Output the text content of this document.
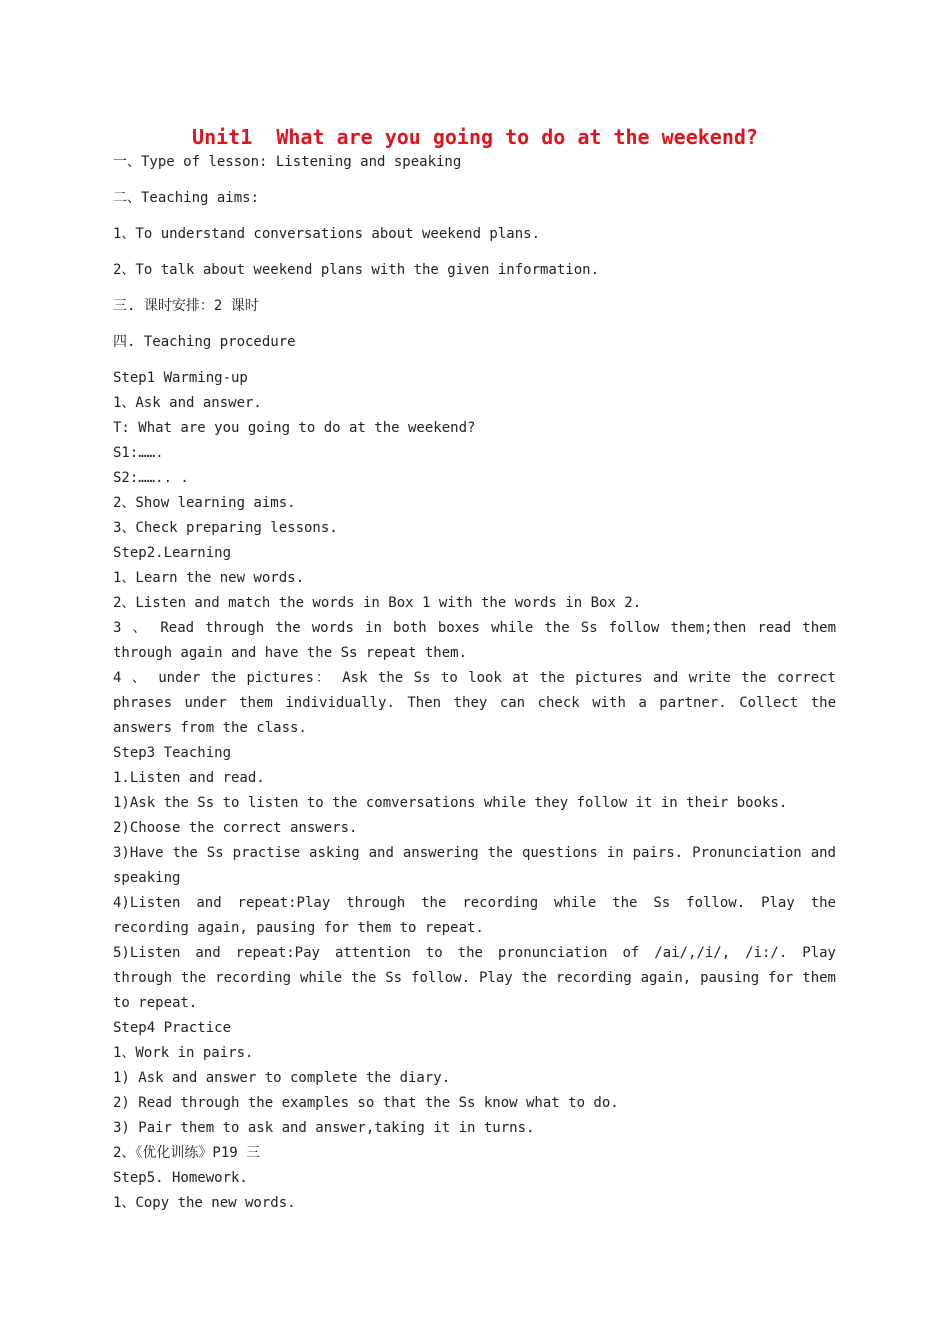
Unit1  What are you going to do at the weekend?

一、Type of lesson: Listening and speaking

二、Teaching aims:

1、To understand conversations about weekend plans.

2、To talk about weekend plans with the given information.

三. 课时安排：2 课时

四. Teaching procedure

Step1 Warming-up

1、Ask and answer.

T: What are you going to do at the weekend?

S1:…….

S2:…….. .

2、Show learning aims.

3、Check preparing lessons.

Step2.Learning

1、Learn the new words.

2、Listen and match the words in Box 1 with the words in Box 2.

3 、 Read through the words in both boxes while the Ss follow them;then read them through again and have the Ss repeat them.

4 、 under the pictures： Ask the Ss to look at the pictures and write the correct phrases under them individually. Then they can check with a partner. Collect the answers from the class.

Step3 Teaching

1.Listen and read.

1)Ask the Ss to listen to the comversations while they follow it in their books.

2)Choose the correct answers.

3)Have the Ss practise asking and answering the questions in pairs. Pronunciation and speaking

4)Listen and repeat:Play through the recording while the Ss follow. Play the recording again, pausing for them to repeat.

5)Listen and repeat:Pay attention to the pronunciation of /ai/,/i/, /i:/. Play through the recording while the Ss follow. Play the recording again, pausing for them to repeat.

Step4 Practice

1、Work in pairs.

1) Ask and answer to complete the diary.

2) Read through the examples so that the Ss know what to do.

3) Pair them to ask and answer,taking it in turns.

2、《优化训练》P19 三

Step5. Homework.

1、Copy the new words.
